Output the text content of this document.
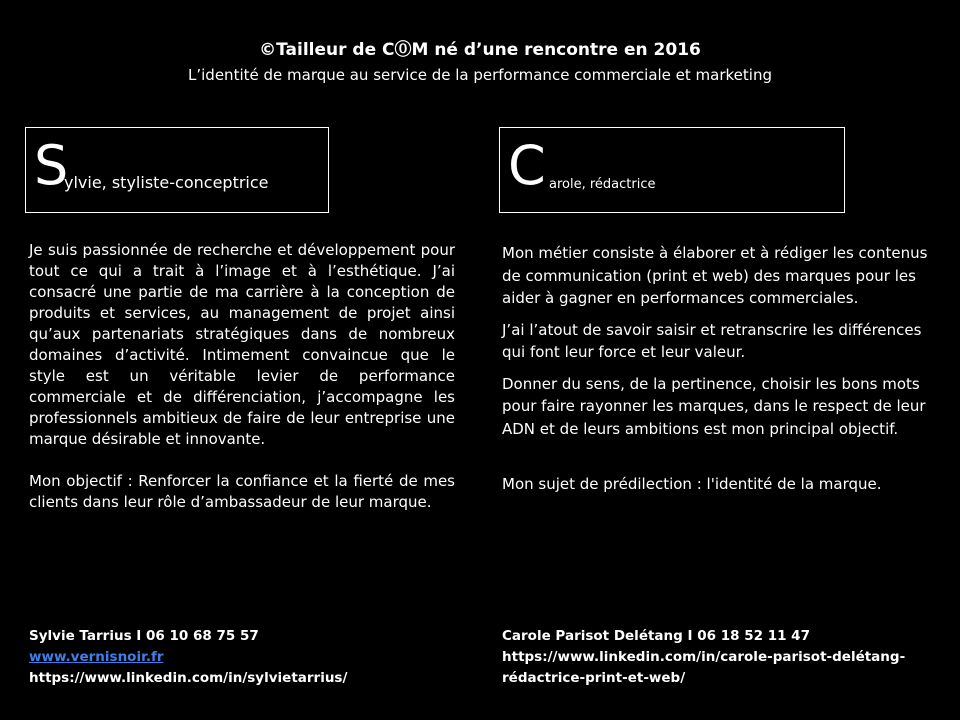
©Tailleur de C⓪M né d’une rencontre en 2016
L’identité de marque au service de la performance commerciale et marketing
S
ylvie, styliste-conceptrice	C arole, rédactrice

Je suis passionnée de recherche et développement pour tout ce qui a trait à l’image et à l’esthétique. J’ai consacré une partie de ma carrière à la conception de produits et services, au management de projet ainsi qu’aux partenariats stratégiques dans de nombreux domaines d’activité. Intimement convaincue que le style est un véritable levier de performance commerciale et de différenciation, j’accompagne les professionnels ambitieux de faire de leur entreprise une marque désirable et innovante.

Mon objectif : Renforcer la confiance et la fierté de mes clients dans leur rôle d’ambassadeur de leur marque.

Mon métier consiste à élaborer et à rédiger les contenus de communication (print et web) des marques pour les aider à gagner en performances commerciales.

J’ai l’atout de savoir saisir et retranscrire les différences qui font leur force et leur valeur.

Donner du sens, de la pertinence, choisir les bons mots pour faire rayonner les marques, dans le respect de leur ADN et de leurs ambitions est mon principal objectif.

Mon sujet de prédilection : l'identité de la marque.

Sylvie Tarrius I 06 10 68 75 57
www.vernisnoir.fr
https://www.linkedin.com/in/sylvietarrius/
Carole Parisot Delétang I 06 18 52 11 47
https://www.linkedin.com/in/carole-parisot-delétang-rédactrice-print-et-web/
